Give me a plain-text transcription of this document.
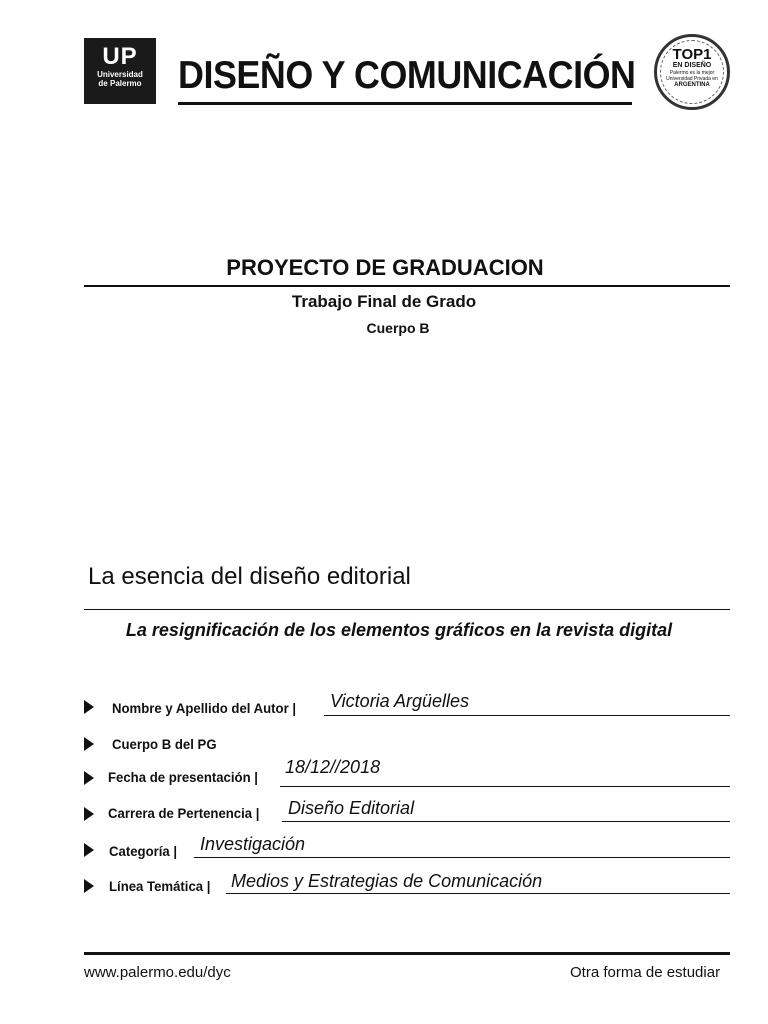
UP
Universidad
de Palermo DISEÑO Y COMUNICACIÓN	TOP1
EN DISEÑO
Palermo es la mejor
Universidad Privada en
ARGENTINA
PROYECTO DE GRADUACION
Trabajo Final de Grado
Cuerpo B
La esencia del diseño editorial
La resignificación de los elementos gráficos en la revista digital
Nombre y Apellido del Autor | Victoria Argüelles
Cuerpo B del PG
Fecha de presentación | 18/12//2018
Carrera de Pertenencia | Diseño Editorial
Categoría | Investigación
Línea Temática | Medios y Estrategias de Comunicación
www.palermo.edu/dyc	Otra forma de estudiar
